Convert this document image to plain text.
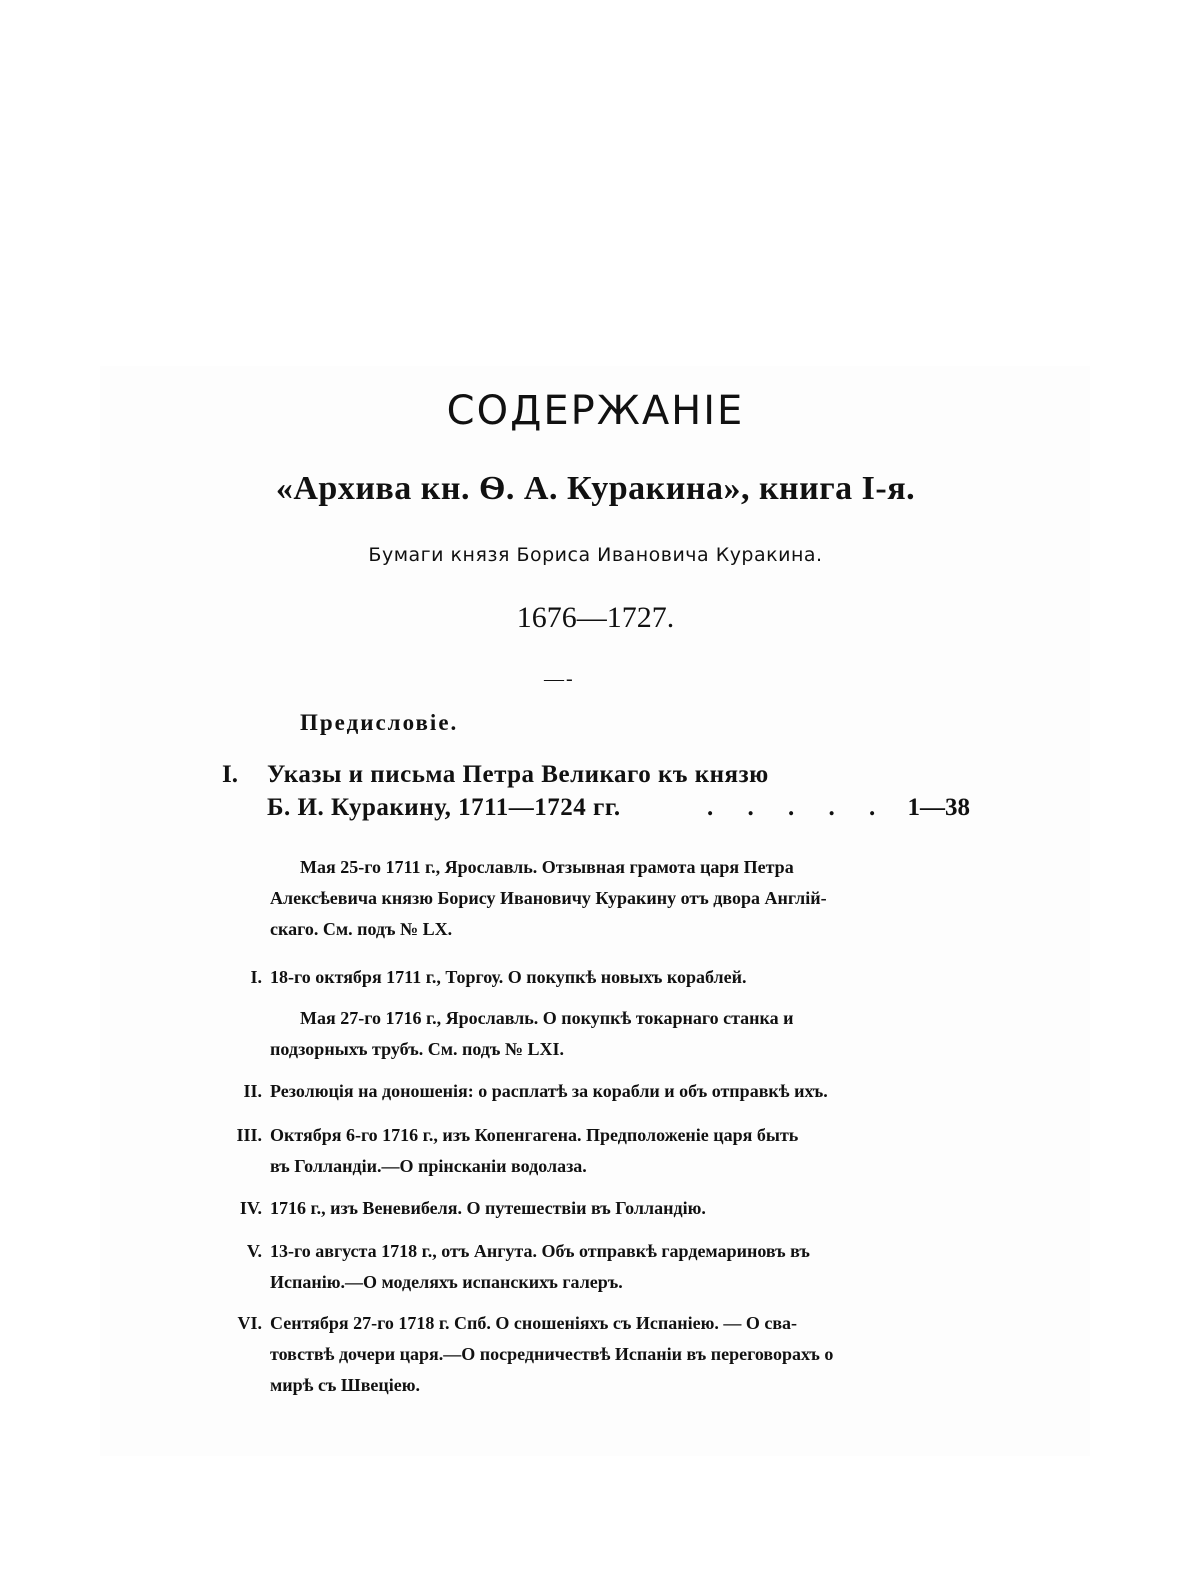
СОДЕРЖАНIЕ
«Архива кн. Ѳ. А. Куракина», книга I-я.
Бумаги князя Бориса Ивановича Куракина.
1676—1727.
—-
Предисловiе.
I. Указы и письма Петра Великаго къ князю
Б. И. Куракину, 1711—1724 гг.	. . . . . 1—38
Мая 25-го 1711 г., Ярославль. Отзывная грамота царя Петра
Алексѣевича князю Борису Ивановичу Куракину отъ двора Англій-
скаго. См. подъ № LX.
I. 18-го октября 1711 г., Торгоу. О покупкѣ новыхъ кораблей.
Мая 27-го 1716 г., Ярославль. О покупкѣ токарнаго станка и
подзорныхъ трубъ. См. подъ № LXI.
II. Резолюція на доношенія: о расплатѣ за корабли и объ отправкѣ ихъ.
III. Октября 6-го 1716 г., изъ Копенгагена. Предположеніе царя быть
въ Голландіи.—О прінсканіи водолаза.
IV. 1716 г., изъ Веневибеля. О путешествіи въ Голландію.
V. 13-го августа 1718 г., отъ Ангута. Объ отправкѣ гардемариновъ въ
Испанію.—О моделяхъ испанскихъ галеръ.
VI. Сентября 27-го 1718 г. Спб. О сношеніяхъ съ Испаніею. — О сва-
товствѣ дочери царя.—О посредничествѣ Испаніи въ переговорахъ о
мирѣ съ Швеціею.
